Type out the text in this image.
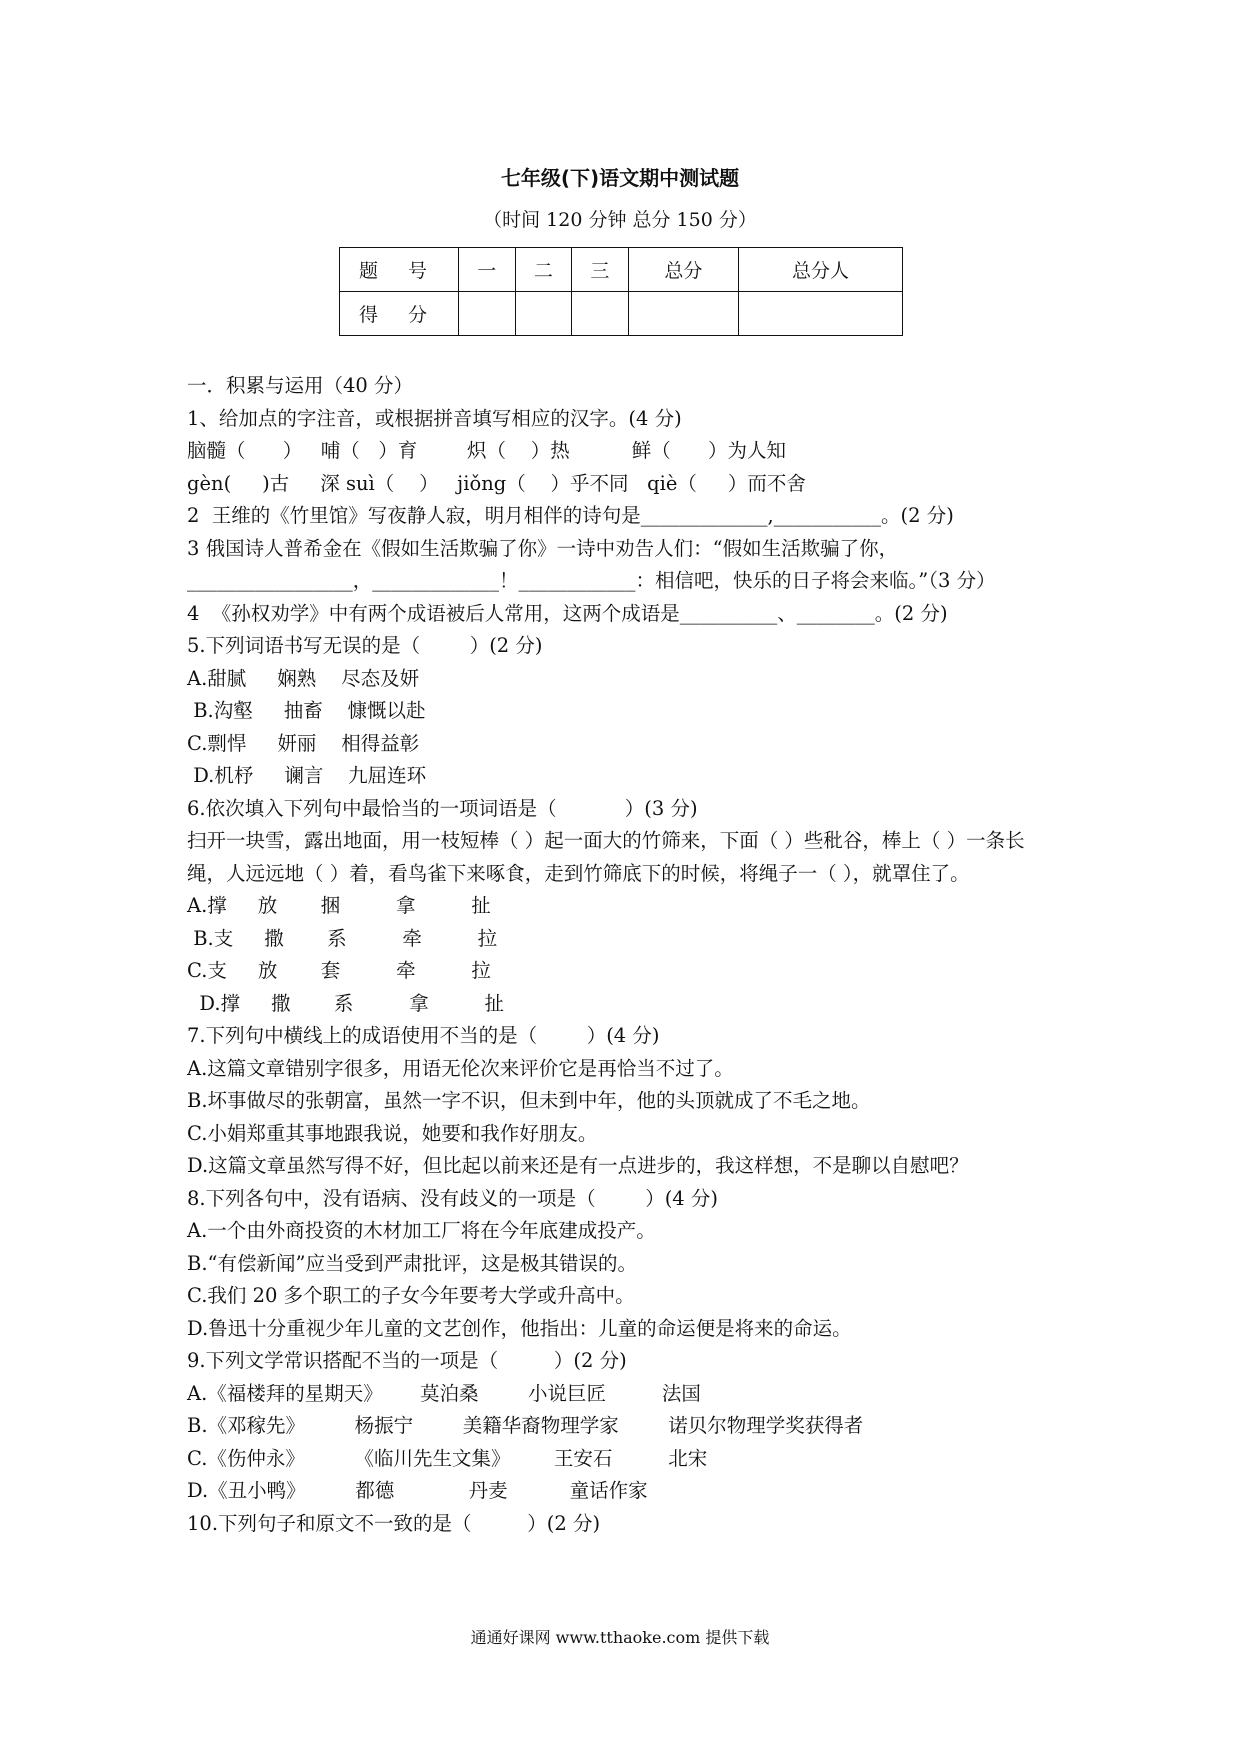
七年级(下)语文期中测试题
（时间 120 分钟 总分 150 分）
题 号	一	二	三	总分	总分人
得 分					
一．积累与运用（40 分）
1、给加点的字注音，或根据拼音填写相应的汉字。(4 分)
脑髓（      ）   哺（   ）育        炽（    ）热          鲜（      ）为人知
gèn(     )古     深 suì（    ）   jiǒng（    ）乎不同   qiè（     ）而不舍
2  王维的《竹里馆》写夜静人寂，明月相伴的诗句是_____________,___________。(2 分)
3 俄国诗人普希金在《假如生活欺骗了你》一诗中劝告人们：“假如生活欺骗了你，_________________，_____________！____________：相信吧，快乐的日子将会来临。”（3 分）
4  《孙权劝学》中有两个成语被后人常用，这两个成语是__________、________。(2 分)
5.下列词语书写无误的是（        ）(2 分)
A.甜腻     娴熟    尽态及妍
B.沟壑     抽畜    慷慨以赴
C.剽悍     妍丽    相得益彰
D.机杼     谰言    九屈连环
6.依次填入下列句中最恰当的一项词语是（           ）(3 分)
扫开一块雪，露出地面，用一枝短棒（ ）起一面大的竹筛来，下面（ ）些秕谷，棒上（ ）一条长绳，人远远地（ ）着，看鸟雀下来啄食，走到竹筛底下的时候，将绳子一（ ），就罩住了。
A.撑     放       捆         拿         扯
B.支     撒       系         牵         拉
C.支     放       套         牵         拉
D.撑     撒       系         拿         扯
7.下列句中横线上的成语使用不当的是（        ）(4 分)
A.这篇文章错别字很多，用语无伦次来评价它是再恰当不过了。
B.坏事做尽的张朝富，虽然一字不识，但未到中年，他的头顶就成了不毛之地。
C.小娟郑重其事地跟我说，她要和我作好朋友。
D.这篇文章虽然写得不好，但比起以前来还是有一点进步的，我这样想，不是聊以自慰吧？
8.下列各句中，没有语病、没有歧义的一项是（        ）(4 分)
A.一个由外商投资的木材加工厂将在今年底建成投产。
B.“有偿新闻”应当受到严肃批评，这是极其错误的。
C.我们 20 多个职工的子女今年要考大学或升高中。
D.鲁迅十分重视少年儿童的文艺创作，他指出：儿童的命运便是将来的命运。
9.下列文学常识搭配不当的一项是（         ）(2 分)
A.《福楼拜的星期天》      莫泊桑        小说巨匠         法国
B.《邓稼先》        杨振宁        美籍华裔物理学家        诺贝尔物理学奖获得者
C.《伤仲永》        《临川先生文集》       王安石         北宋
D.《丑小鸭》        都德            丹麦          童话作家
10.下列句子和原文不一致的是（         ）(2 分)
通通好课网 www.tthaoke.com 提供下载
